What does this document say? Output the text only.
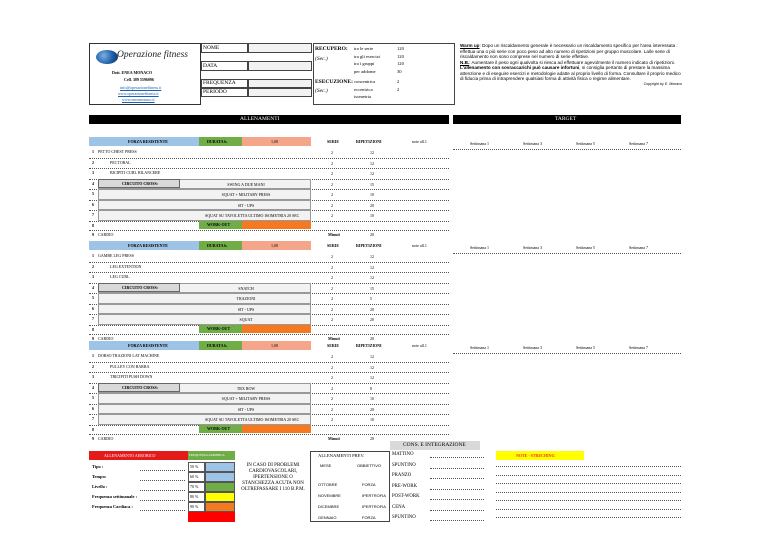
Operazione fitness
Dott. ENEA MONACO
Cell. 389 5596096
info@operazionefitness.it
www.operazionefitness.it
www.eneamonaco.it
NOME
DATA
FREQUENZA
PERIODO
RECUPERO:
(Sec.)
ESECUZIONE:
(Sec.)
tra le serie	120
tra gli esercizi	120
tra i gruppi	120
per addome	30
concentrica	2
eccentrica	2
isometria
Warm up: Dopo un riscaldamento generale è necessario un riscaldamento specifico per l'area interessata : effettua una o più serie con poco peso ad alto numero di ripetizioni per gruppo muscolare. La/le serie di riscaldamento non sono comprese nel numero di serie effettive.
N.B.: Aumentare il peso ogni qualvolta si riesca ad effettuare agevolmente il numero indicato di ripetizioni.
L'allenamento con sovraccarichi può causare infortuni, si consiglia pertanto di prestare la massima attenzione e di eseguire esercizi e metodologie adatte al proprio livello di forma. Consultare il proprio medico di fiducia prima di intraprendere qualsiasi forma di attività fisica o regime alimentare.
Copyright by E. Monaco
ALLENAMENTI	TARGET
FORZA RESISTENTE	DURATA h.	1,00	SERIE	RIPETIZIONI	note all.1	Settimana 1	Settimana 3	Settimana 5	Settimana 7
1 PETTO CHEST PRESS	2	12
2	PECTORAL	2	12
3	BICIPITI CURL BILANCERE	2	12
4	CIRCUITO CROSS:	SWING A DUE MANI	2	15
5	SQUAT + MILITARY PRESS	2	10
6	SIT - UPS	2	20
7	SQUAT SU TAVOLETTA ULTIMO ISOMETRIA 20 SEC	2	10
8	WORK-OUT
9 CARDIO	Minuti	20
FORZA RESISTENTE	DURATA h.	1,00	SERIE	RIPETIZIONI	note all.1	Settimana 1	Settimana 3	Settimana 5	Settimana 7
1 GAMBE LEG PRESS	2	12
2	LEG EXTENTION	2	12
3	LEG CURL	2	12
4	CIRCUITO CROSS:	SNATCH	2	15
5	TRAZIONI	2	5
6	SIT - UPS	2	20
7	SQUAT	2	20
8	WORK-OUT
9 CARDIO	Minuti	20
FORZA RESISTENTE	DURATA h.	1,00	SERIE	RIPETIZIONI	note all.1	Settimana 1	Settimana 3	Settimana 5	Settimana 7
1 DORSO TRAZIONI LAT MACHINE	2	12
2	PULLEY CON BARRA	2	12
3	TRICIPITI PUSH DOWN	2	12
4	CIRCUITO CROSS:	TRX ROW	2	8
5	SQUAT + MILITARY PRESS	2	10
6	SIT - UPS	2	20
7	SQUAT SU TAVOLETTA ULTIMO ISOMETRIA 20 SEC	2	10
8	WORK-OUT
9 CARDIO	Minuti	20
ALLENAMENTO AEROBICO	FREQUENZA AEROBICA
Tipo :	50 %
Tempo:	60 %
Livello :	70 %
Frequenza settimanale :	80 %
Frequenza Cardiaca :	90 %
IN CASO DI PROBLEMI CARDIOVASCOLARI, IPERTENSIONE O STANCHEZZA ACUTA NON OLTREPASSARE I 110 B.P.M.
ALLENAMENTI PREV.
MESE	OBBIETTIVO
OTTOBRE	FORZA
NOVEMBRE	IPERTROFIA
DICEMBRE	IPERTROFIA
GENNAIO	FORZA
CONS. E INTEGRAZIONE
MATTINO
SPUNTINO
PRANZO
PRE-WORK
POST-WORK
CENA
SPUNTINO
NOTE - STRECHING
